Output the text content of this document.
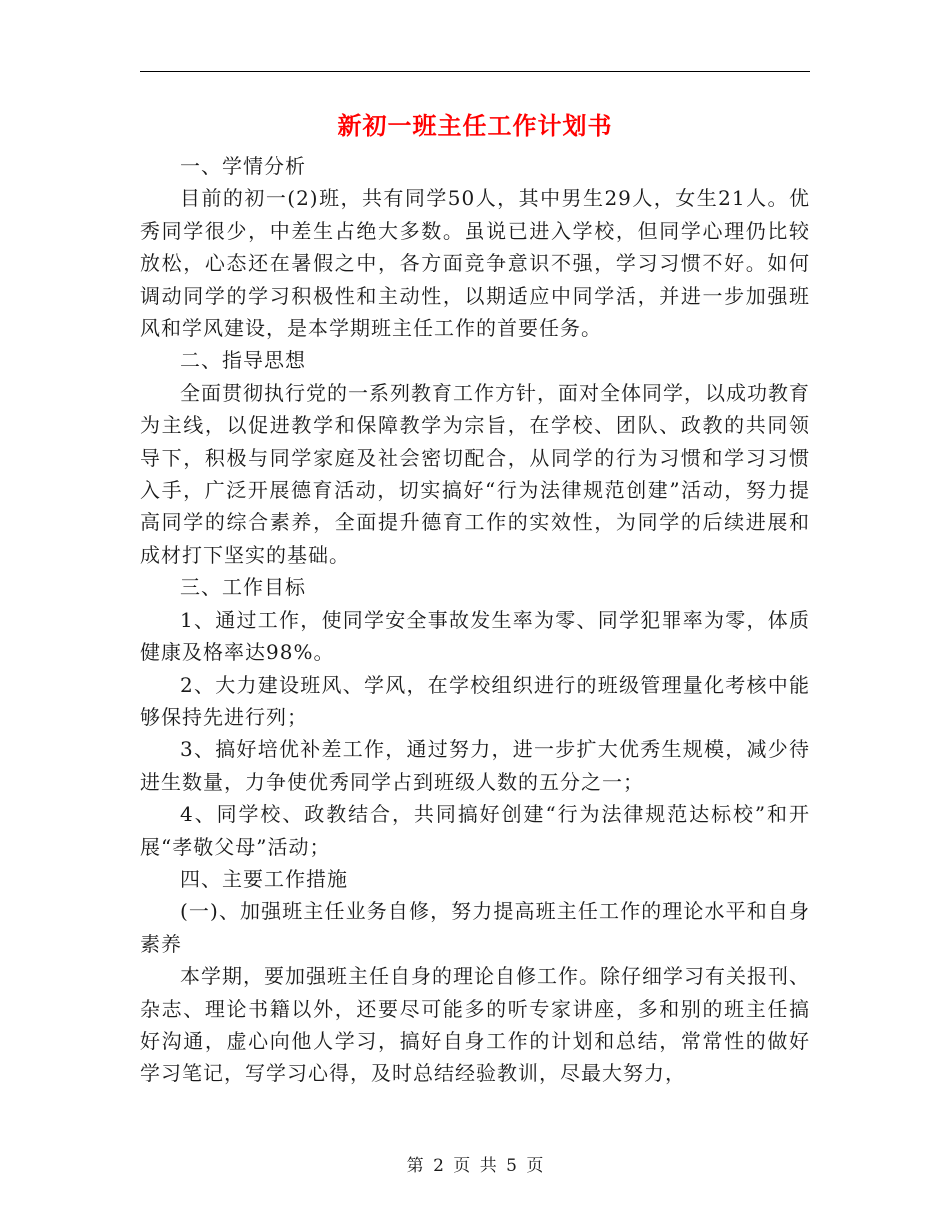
新初一班主任工作计划书

一、学情分析

目前的初一(2)班，共有同学50人，其中男生29人，女生21人。优秀同学很少，中差生占绝大多数。虽说已进入学校，但同学心理仍比较放松，心态还在暑假之中，各方面竞争意识不强，学习习惯不好。如何调动同学的学习积极性和主动性，以期适应中同学活，并进一步加强班风和学风建设，是本学期班主任工作的首要任务。

二、指导思想

全面贯彻执行党的一系列教育工作方针，面对全体同学，以成功教育为主线，以促进教学和保障教学为宗旨，在学校、团队、政教的共同领导下，积极与同学家庭及社会密切配合，从同学的行为习惯和学习习惯入手，广泛开展德育活动，切实搞好“行为法律规范创建”活动，努力提高同学的综合素养，全面提升德育工作的实效性，为同学的后续进展和成材打下坚实的基础。

三、工作目标

1、通过工作，使同学安全事故发生率为零、同学犯罪率为零，体质健康及格率达98%。

2、大力建设班风、学风，在学校组织进行的班级管理量化考核中能够保持先进行列；

3、搞好培优补差工作，通过努力，进一步扩大优秀生规模，减少待进生数量，力争使优秀同学占到班级人数的五分之一；

4、同学校、政教结合，共同搞好创建“行为法律规范达标校”和开展“孝敬父母”活动；

四、主要工作措施

(一)、加强班主任业务自修，努力提高班主任工作的理论水平和自身素养

本学期，要加强班主任自身的理论自修工作。除仔细学习有关报刊、杂志、理论书籍以外，还要尽可能多的听专家讲座，多和别的班主任搞好沟通，虚心向他人学习，搞好自身工作的计划和总结，常常性的做好学习笔记，写学习心得，及时总结经验教训，尽最大努力，

第 2 页 共 5 页
